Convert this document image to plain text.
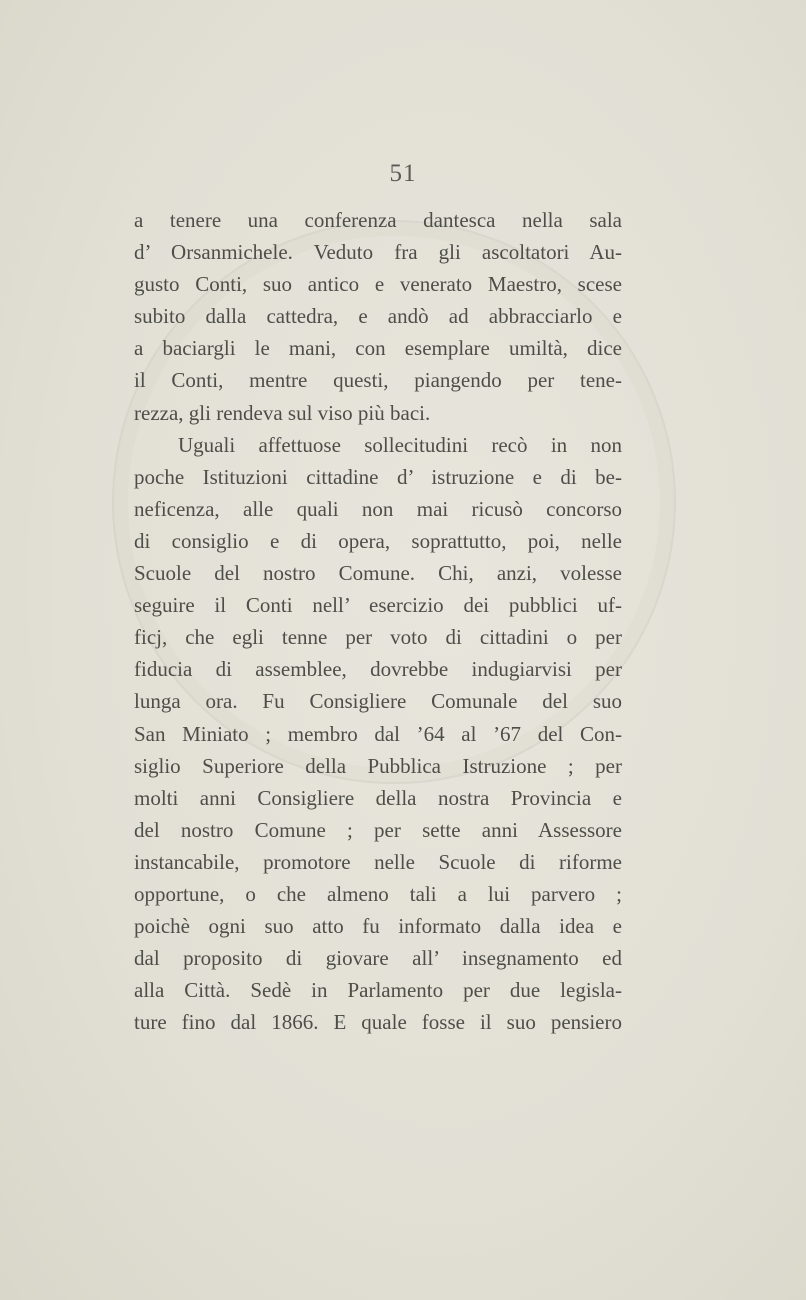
51
a tenere una conferenza dantesca nella sala
d’ Orsanmichele. Veduto fra gli ascoltatori Au-
gusto Conti, suo antico e venerato Maestro, scese
subito dalla cattedra, e andò ad abbracciarlo e
a baciargli le mani, con esemplare umiltà, dice
il Conti, mentre questi, piangendo per tene-
rezza, gli rendeva sul viso più baci.
Uguali affettuose sollecitudini recò in non
poche Istituzioni cittadine d’ istruzione e di be-
neficenza, alle quali non mai ricusò concorso
di consiglio e di opera, soprattutto, poi, nelle
Scuole del nostro Comune. Chi, anzi, volesse
seguire il Conti nell’ esercizio dei pubblici uf-
ficj, che egli tenne per voto di cittadini o per
fiducia di assemblee, dovrebbe indugiarvisi per
lunga ora. Fu Consigliere Comunale del suo
San Miniato ; membro dal ’64 al ’67 del Con-
siglio Superiore della Pubblica Istruzione ; per
molti anni Consigliere della nostra Provincia e
del nostro Comune ; per sette anni Assessore
instancabile, promotore nelle Scuole di riforme
opportune, o che almeno tali a lui parvero ;
poichè ogni suo atto fu informato dalla idea e
dal proposito di giovare all’ insegnamento ed
alla Città. Sedè in Parlamento per due legisla-
ture fino dal 1866. E quale fosse il suo pensiero
